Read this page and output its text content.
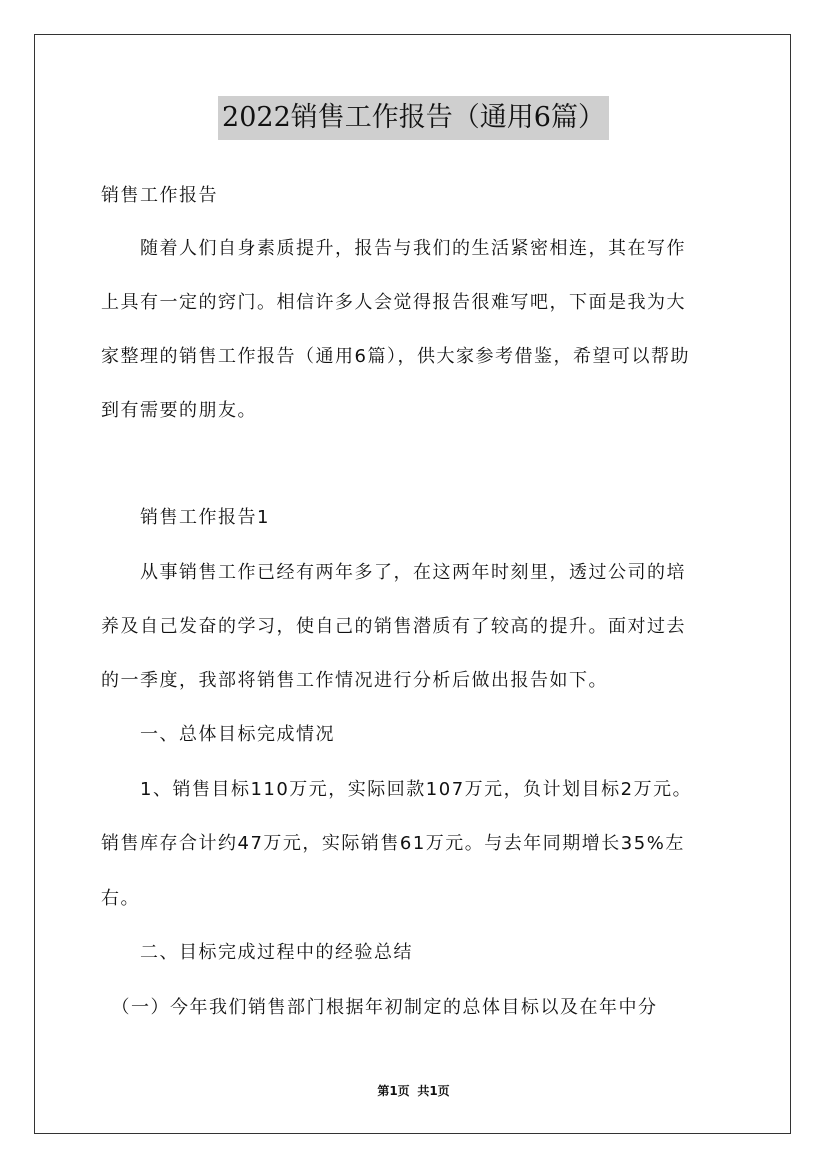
2022销售工作报告（通用6篇）

销售工作报告

　　随着人们自身素质提升，报告与我们的生活紧密相连，其在写作

上具有一定的窍门。相信许多人会觉得报告很难写吧，下面是我为大

家整理的销售工作报告（通用6篇），供大家参考借鉴，希望可以帮助

到有需要的朋友。

　　销售工作报告1

　　从事销售工作已经有两年多了，在这两年时刻里，透过公司的培

养及自己发奋的学习，使自己的销售潜质有了较高的提升。面对过去

的一季度，我部将销售工作情况进行分析后做出报告如下。

　　一、总体目标完成情况

　　1、销售目标110万元，实际回款107万元，负计划目标2万元。

销售库存合计约47万元，实际销售61万元。与去年同期增长35%左

右。

　　二、目标完成过程中的经验总结

　（一）今年我们销售部门根据年初制定的总体目标以及在年中分

第1页 共1页
